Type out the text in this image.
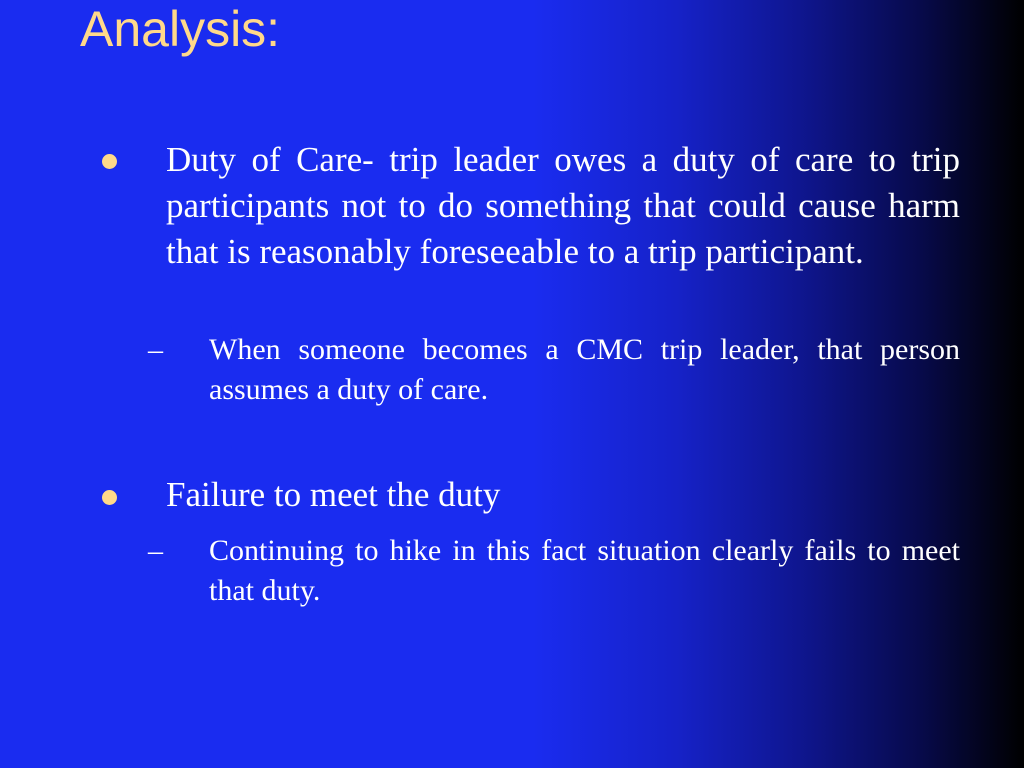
Analysis:

Duty of Care- trip leader owes a duty of care to trip participants not to do something that could cause harm that is reasonably foreseeable to a trip participant.

– When someone becomes a CMC trip leader, that person assumes a duty of care.

Failure to meet the duty

– Continuing to hike in this fact situation clearly fails to meet that duty.
